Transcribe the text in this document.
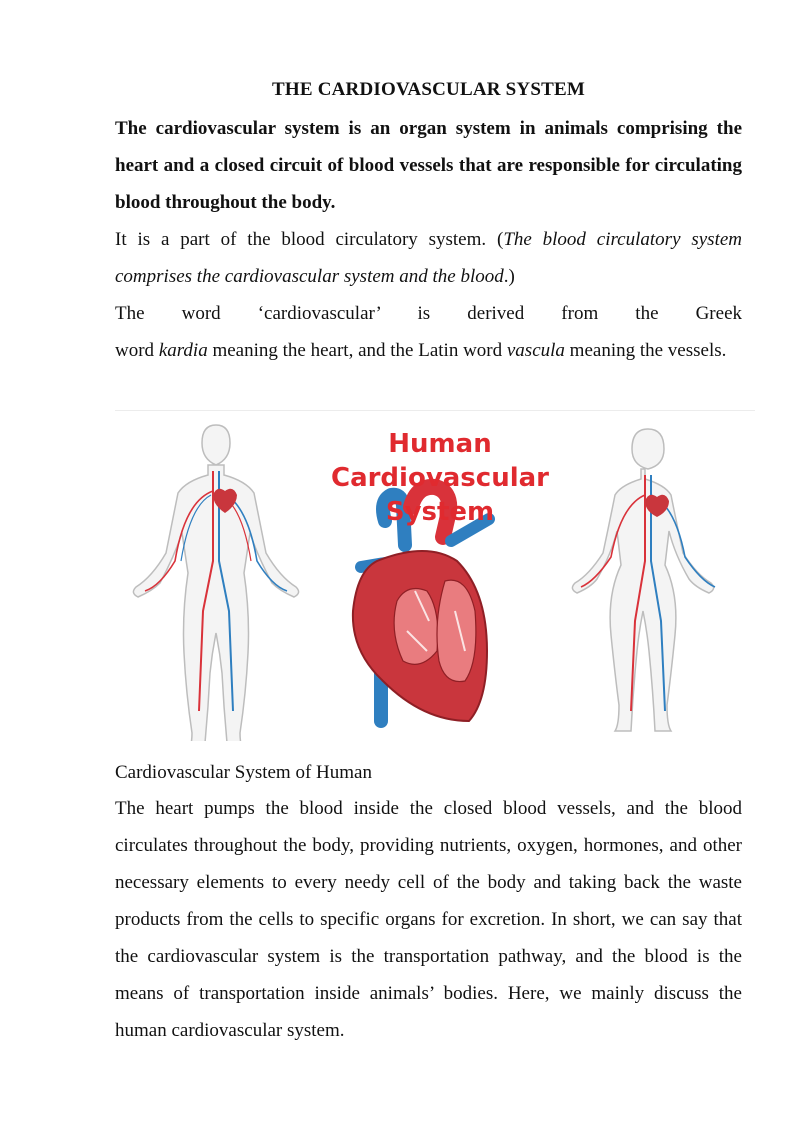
THE CARDIOVASCULAR SYSTEM

The cardiovascular system is an organ system in animals comprising the heart and a closed circuit of blood vessels that are responsible for circulating blood throughout the body.

It is a part of the blood circulatory system. (The blood circulatory system comprises the cardiovascular system and the blood.)

The word ‘cardiovascular’ is derived from the Greek

word kardia meaning the heart, and the Latin word vascula meaning the vessels.

Human Cardiovascular
System
Cardiovascular System of Human

The heart pumps the blood inside the closed blood vessels, and the blood circulates throughout the body, providing nutrients, oxygen, hormones, and other necessary elements to every needy cell of the body and taking back the waste products from the cells to specific organs for excretion. In short, we can say that the cardiovascular system is the transportation pathway, and the blood is the means of transportation inside animals’ bodies. Here, we mainly discuss the human cardiovascular system.
